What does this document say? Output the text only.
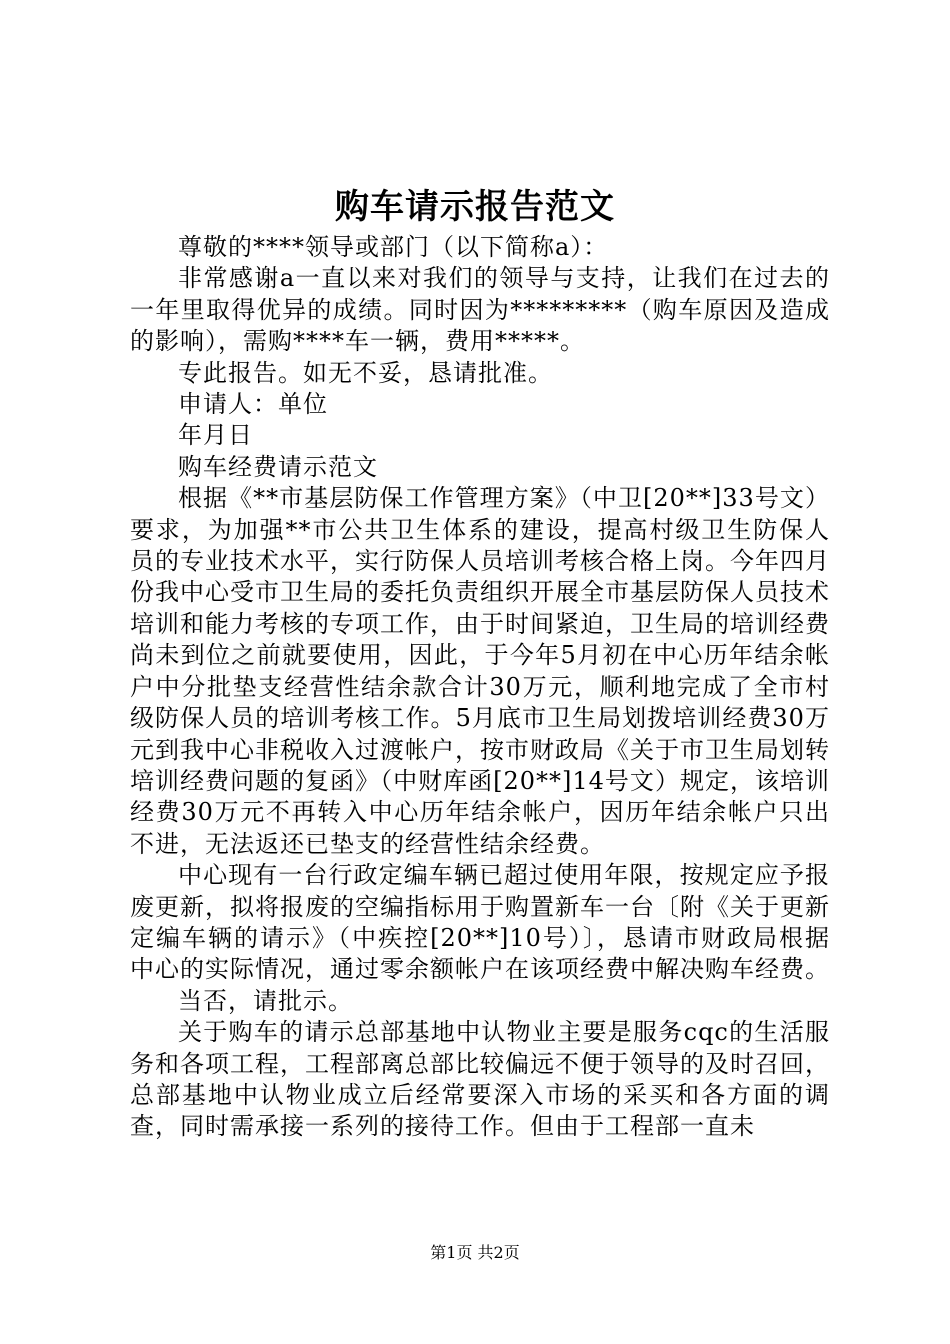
购车请示报告范文

尊敬的****领导或部门（以下简称a）：

非常感谢a一直以来对我们的领导与支持，让我们在过去的一年里取得优异的成绩。同时因为*********（购车原因及造成的影响），需购****车一辆，费用*****。

专此报告。如无不妥，恳请批准。

申请人：单位

年月日

购车经费请示范文

根据《**市基层防保工作管理方案》（中卫[20**]33号文）要求，为加强**市公共卫生体系的建设，提高村级卫生防保人员的专业技术水平，实行防保人员培训考核合格上岗。今年四月份我中心受市卫生局的委托负责组织开展全市基层防保人员技术培训和能力考核的专项工作，由于时间紧迫，卫生局的培训经费尚未到位之前就要使用，因此，于今年5月初在中心历年结余帐户中分批垫支经营性结余款合计30万元，顺利地完成了全市村级防保人员的培训考核工作。5月底市卫生局划拨培训经费30万元到我中心非税收入过渡帐户，按市财政局《关于市卫生局划转培训经费问题的复函》（中财库函[20**]14号文）规定，该培训经费30万元不再转入中心历年结余帐户，因历年结余帐户只出不进，无法返还已垫支的经营性结余经费。

中心现有一台行政定编车辆已超过使用年限，按规定应予报废更新，拟将报废的空编指标用于购置新车一台〔附《关于更新定编车辆的请示》（中疾控[20**]10号）〕，恳请市财政局根据中心的实际情况，通过零余额帐户在该项经费中解决购车经费。

当否，请批示。

关于购车的请示总部基地中认物业主要是服务cqc的生活服务和各项工程，工程部离总部比较偏远不便于领导的及时召回，总部基地中认物业成立后经常要深入市场的采买和各方面的调查，同时需承接一系列的接待工作。但由于工程部一直未

第1页 共2页
